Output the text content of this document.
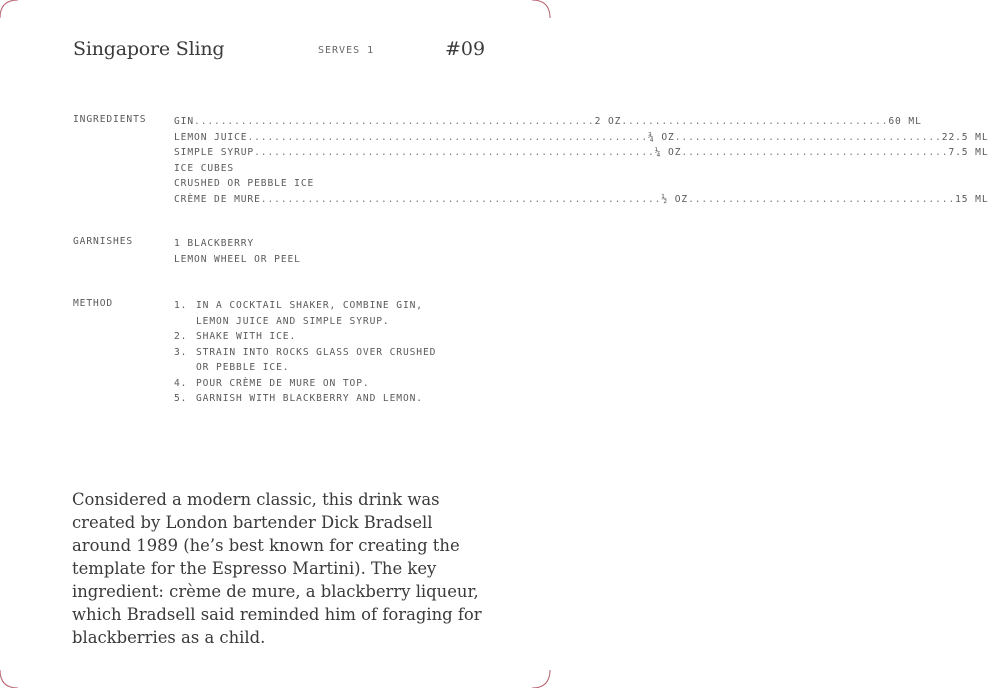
Singapore Sling	SERVES 1	#09
INGREDIENTS	GIN ............................................................ 2 OZ ........................................ 60 ML
LEMON JUICE ............................................................ ¾ OZ ........................................ 22.5 ML
SIMPLE SYRUP ............................................................ ¼ OZ ........................................ 7.5 ML
ICE CUBES
CRUSHED OR PEBBLE ICE
CRÈME DE MURE ............................................................ ½ OZ ........................................ 15 ML
GARNISHES	1 BLACKBERRY
LEMON WHEEL OR PEEL
METHOD	1. IN A COCKTAIL SHAKER, COMBINE GIN,
LEMON JUICE AND SIMPLE SYRUP.
2. SHAKE WITH ICE.
3. STRAIN INTO ROCKS GLASS OVER CRUSHED
OR PEBBLE ICE.
4. POUR CRÈME DE MURE ON TOP.
5. GARNISH WITH BLACKBERRY AND LEMON.
Considered a modern classic, this drink was created by London bartender Dick Bradsell around 1989 (he’s best known for creating the template for the Espresso Martini). The key ingredient: crème de mure, a blackberry liqueur, which Bradsell said reminded him of foraging for blackberries as a child.
